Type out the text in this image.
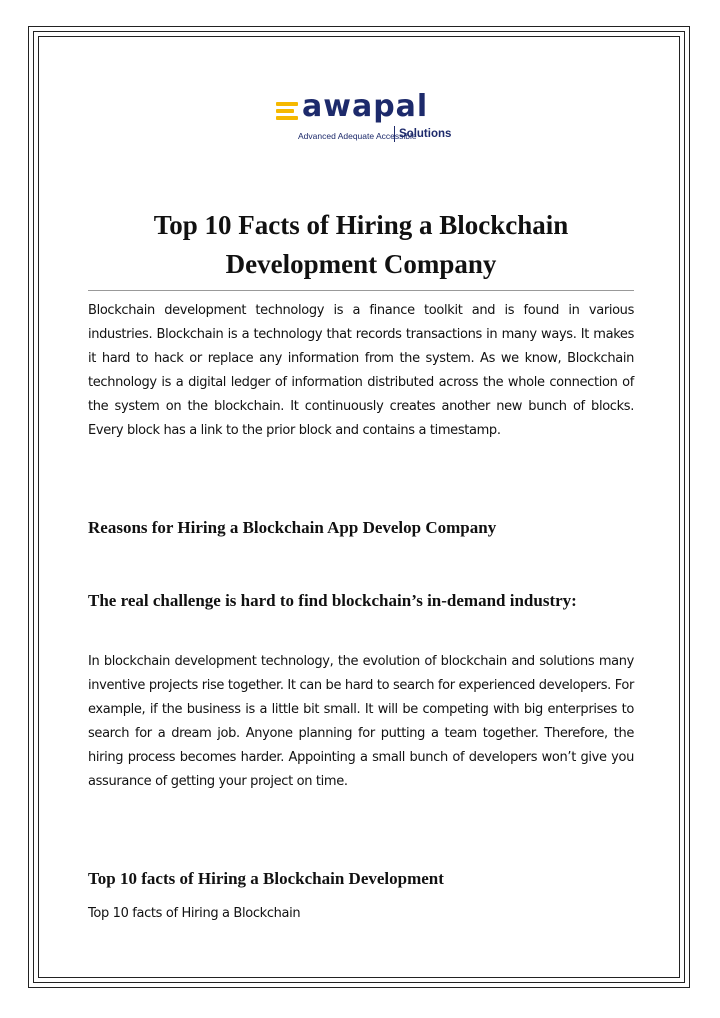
awapal
Advanced Adequate Accessible
Solutions
Top 10 Facts of Hiring a Blockchain Development Company
Blockchain development technology is a finance toolkit and is found in various industries. Blockchain is a technology that records transactions in many ways. It makes it hard to hack or replace any information from the system. As we know, Blockchain technology is a digital ledger of information distributed across the whole connection of the system on the blockchain. It continuously creates another new bunch of blocks. Every block has a link to the prior block and contains a timestamp.
Reasons for Hiring a Blockchain App Develop Company
The real challenge is hard to find blockchain’s in-demand industry:
In blockchain development technology, the evolution of blockchain and solutions many inventive projects rise together. It can be hard to search for experienced developers. For example, if the business is a little bit small. It will be competing with big enterprises to search for a dream job. Anyone planning for putting a team together. Therefore, the hiring process becomes harder. Appointing a small bunch of developers won’t give you assurance of getting your project on time.
Top 10 facts of Hiring a Blockchain Development
Top 10 facts of Hiring a Blockchain
